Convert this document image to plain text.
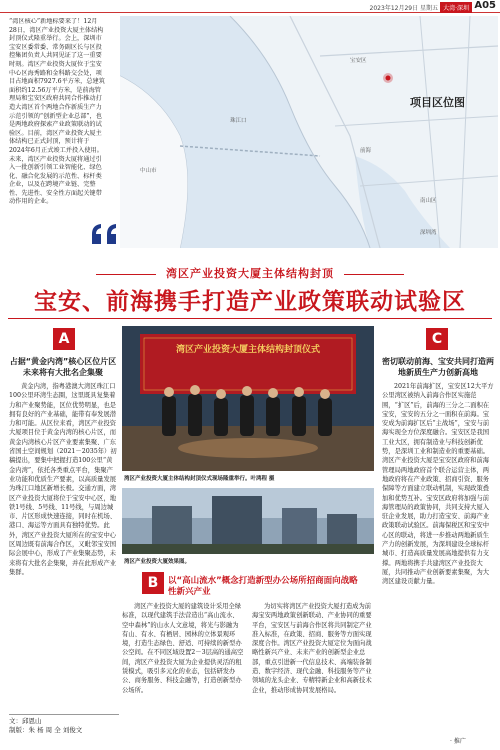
2023年12月29日 星期五 大湾·深圳 A05

“湾区核心”新地标要来了！12月28日，湾区产业投资大厦主体结构封顶仪式隆重举行。会上，深圳市宝安区委常委、常务副区长与区投控集团负责人共同见证了这一重要时刻。湾区产业投资大厦位于宝安中心区海秀路和金科路交会处，项目占地面积7927.6平方米，总建筑面积约12.56万平方米，是前海管理局和宝安区政府共同合作推动打造大湾区首个两地合作新质生产力示范引领的“创新型企业总部”，也是两地政府探索产业政策联动的试验区。目前，湾区产业投资大厦主体结构已正式封顶，预计将于2024年6月正式竣工并投入使用。未来，湾区产业投资大厦将通过引入一批创新引领工业智能化、绿色化、融合化发展的示范性、标杆类企业，以及在跨境产业链、完整性、先进性、安全性方面起关键带动作用的企业。

项目区位图
中山市
宝安区
南山区
前海
深圳湾
珠江口
湾区产业投资大厦主体结构封顶
宝安、前海携手打造产业政策联动试验区
A
占据“黄金内湾”核心区位片区未来将有大批名企集聚

黄金内湾，指粤港澳大湾区珠江口100公里环湾生态圈，这里既具复集着力和产业聚势能，区位优势明显，也是拥有良好的产业基础，能带有奉发展潜力和可能。从区位来看，湾区产业投资大厦项目位于黄金内湾的核心片区，而黄金内湾核心片区产业要素集聚、广东省国土空间规划（2021－2035年）初稿提出，要集中把握打造100公里“黄金内湾”，依托各类重点平台，集聚产业功能和优质生产要素，以高质量发展为珠江口地区新增长极。交通方面，湾区产业投资大厦将位于宝安中心区，地铁1号线、5号线、11号线，与周边城市、片区形成快速连接，同时在机场、港口、海运等方面具有独特优势。此外，湾区产业投资大厦所在的宝安中心区周边既有前海合作区，又毗邻宝安国际会展中心，形成了产业集聚态势，未来将有大批名企集聚，并在此形成产业集群。

湾区产业投资大厦主体结构封顶仪式
湾区产业投资大厦主体结构封顶仪式现场隆重举行。叶鸿程 摄
湾区产业投资大厦效果图。
B	以“高山流水”概念打造新型办公场所招商面向战略性新兴产业

湾区产业投资大厦的建筑设计采用全绿标准，以现代建筑手法营造出“高山流水、空中森林”的山水人文意境，将光与影融为有山、有水、有栖居、园林的立体景观环境，打造生态绿色、舒适、可持续的新型办公空间。在不同区域设置2－3层高的通高空间，湾区产业投资大厦为企业提供灵活的租赁模式，吸引多元化的业态，包括研发办公、商务服务、科技金融等，打造创新型办公场所。

为切实将湾区产业投资大厦打造成为前海宝安两地政策创新联动、产业协同的重要平台，宝安区与前海合作区将共同制定产业准入标准，在政策、招商、服务等方面实现深度合作。湾区产业投资大厦定位为面向战略性新兴产业、未来产业的创新型企业总部，重点引进新一代信息技术、高端装备制造、数字经济、现代金融、科技服务等产业领域的龙头企业、专精特新企业和高新技术企业，推动形成协同发展格局。

C
密切联动前海、宝安共同打造两地新质生产力创新高地

2021年前海扩区，宝安区12大平方公里湾区被纳入前海合作区实施范围，“扩区”后，前海的三分之二面积在宝安，宝安的五分之一面积在前海。宝安成为前海扩区后“主战场”，宝安与前海实现全方位深度融合。宝安区是我国工业大区，拥有制造业与科技创新优势，是深圳工业和制造业的重要基础。湾区产业投资大厦是宝安区政府和前海管理局两地政府首个联合运营主体，两地政府将在产业政策、招商引资、服务保障等方面建立联动机制，实现政策叠加和优势互补。宝安区政府将加强与前海管理局的政策协同，共同支持大厦入驻企业发展，助力打造宝安、前海产业政策联动试验区。前海保税区和宝安中心区的联动，将进一步推动两地新质生产力的创新发展，为深圳建设全球标杆城市、打造高质量发展高地提供有力支撑。两地将携手共建湾区产业投资大厦，共同推动产业创新要素集聚，为大湾区建设贡献力量。

文：邱恩山
制版：朱 杨 周 全 刘俊文
· 推广
